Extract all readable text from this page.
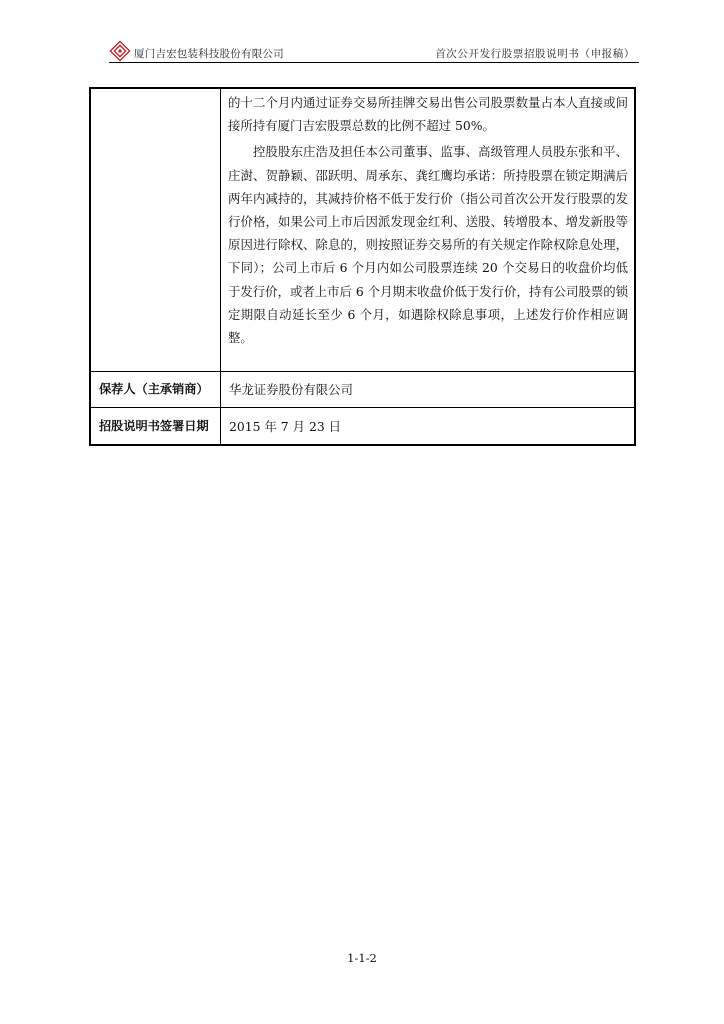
厦门吉宏包装科技股份有限公司	首次公开发行股票招股说明书（申报稿）

的十二个月内通过证券交易所挂牌交易出售公司股票数量占本人直接或间接所持有厦门吉宏股票总数的比例不超过 50%。

控股股东庄浩及担任本公司董事、监事、高级管理人员股东张和平、庄澍、贺静颖、邵跃明、周承东、龚红鹰均承诺：所持股票在锁定期满后两年内减持的，其减持价格不低于发行价（指公司首次公开发行股票的发行价格，如果公司上市后因派发现金红利、送股、转增股本、增发新股等原因进行除权、除息的，则按照证券交易所的有关规定作除权除息处理，下同）；公司上市后 6 个月内如公司股票连续 20 个交易日的收盘价均低于发行价，或者上市后 6 个月期末收盘价低于发行价，持有公司股票的锁定期限自动延长至少 6 个月，如遇除权除息事项，上述发行价作相应调整。

保荐人（主承销商） 华龙证券股份有限公司
招股说明书签署日期 2015 年 7 月 23 日
1-1-2
